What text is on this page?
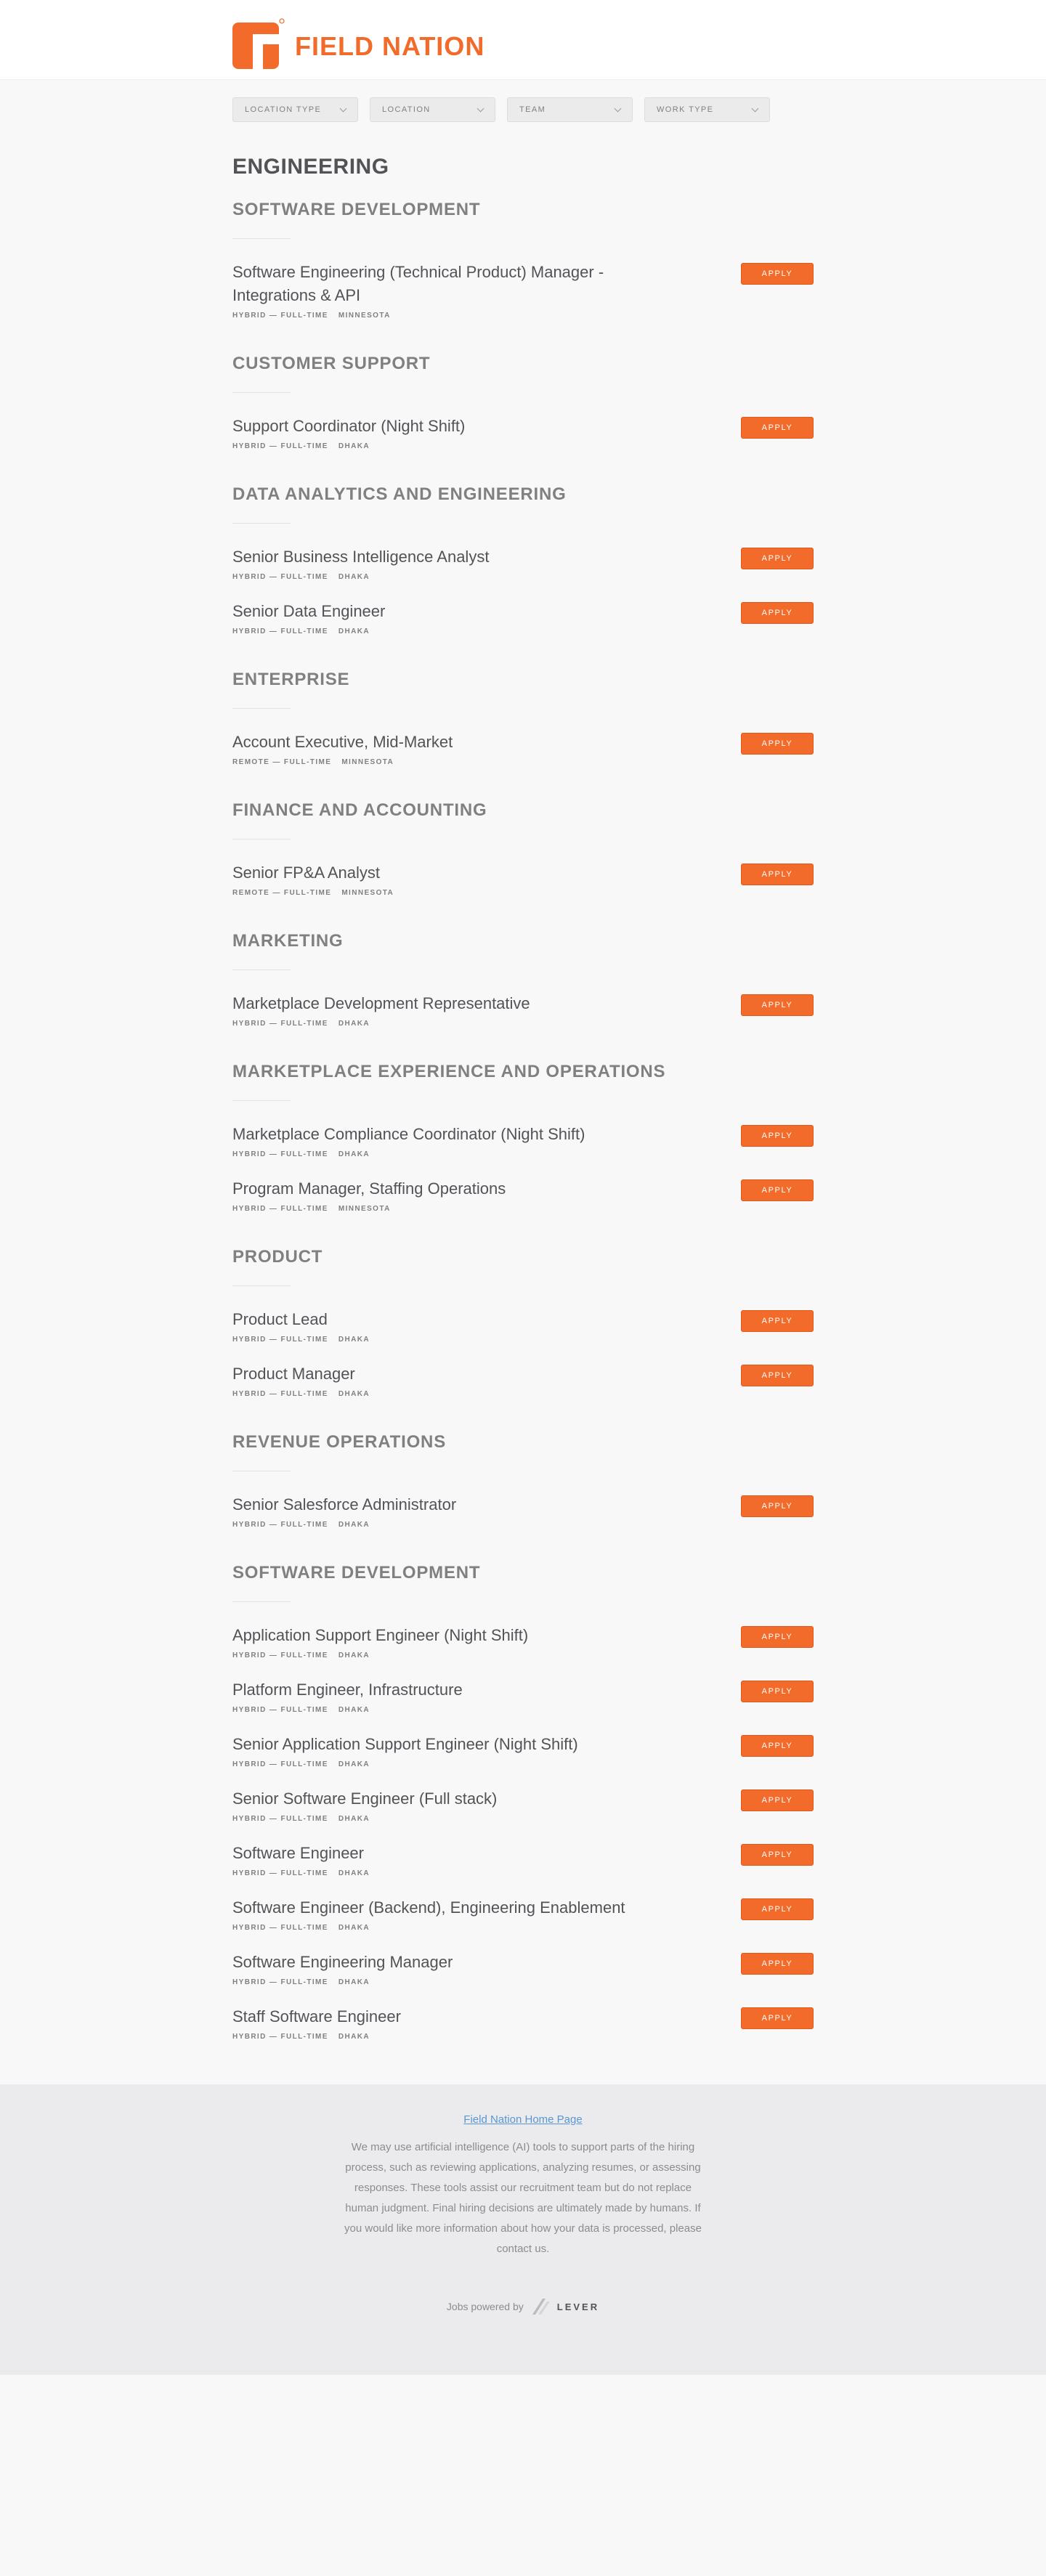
FIELD NATION
LOCATION TYPE	LOCATION	TEAM	WORK TYPE
ENGINEERING
SOFTWARE DEVELOPMENT
Software Engineering (Technical Product) Manager - Integrations & API
HYBRID — FULL-TIME MINNESOTA
APPLY
CUSTOMER SUPPORT
Support Coordinator (Night Shift)
HYBRID — FULL-TIME DHAKA
APPLY
DATA ANALYTICS AND ENGINEERING
Senior Business Intelligence Analyst
HYBRID — FULL-TIME DHAKA
APPLY
Senior Data Engineer
HYBRID — FULL-TIME DHAKA
APPLY
ENTERPRISE
Account Executive, Mid-Market
REMOTE — FULL-TIME MINNESOTA
APPLY
FINANCE AND ACCOUNTING
Senior FP&A Analyst
REMOTE — FULL-TIME MINNESOTA
APPLY
MARKETING
Marketplace Development Representative
HYBRID — FULL-TIME DHAKA
APPLY
MARKETPLACE EXPERIENCE AND OPERATIONS
Marketplace Compliance Coordinator (Night Shift)
HYBRID — FULL-TIME DHAKA
APPLY
Program Manager, Staffing Operations
HYBRID — FULL-TIME MINNESOTA
APPLY
PRODUCT
Product Lead
HYBRID — FULL-TIME DHAKA
APPLY
Product Manager
HYBRID — FULL-TIME DHAKA
APPLY
REVENUE OPERATIONS
Senior Salesforce Administrator
HYBRID — FULL-TIME DHAKA
APPLY
SOFTWARE DEVELOPMENT
Application Support Engineer (Night Shift)
HYBRID — FULL-TIME DHAKA
APPLY
Platform Engineer, Infrastructure
HYBRID — FULL-TIME DHAKA
APPLY
Senior Application Support Engineer (Night Shift)
HYBRID — FULL-TIME DHAKA
APPLY
Senior Software Engineer (Full stack)
HYBRID — FULL-TIME DHAKA
APPLY
Software Engineer
HYBRID — FULL-TIME DHAKA
APPLY
Software Engineer (Backend), Engineering Enablement
HYBRID — FULL-TIME DHAKA
APPLY
Software Engineering Manager
HYBRID — FULL-TIME DHAKA
APPLY
Staff Software Engineer
HYBRID — FULL-TIME DHAKA
APPLY
Field Nation Home Page

We may use artificial intelligence (AI) tools to support parts of the hiring process, such as reviewing applications, analyzing resumes, or assessing responses. These tools assist our recruitment team but do not replace human judgment. Final hiring decisions are ultimately made by humans. If you would like more information about how your data is processed, please contact us.

Jobs powered by	LEVER
